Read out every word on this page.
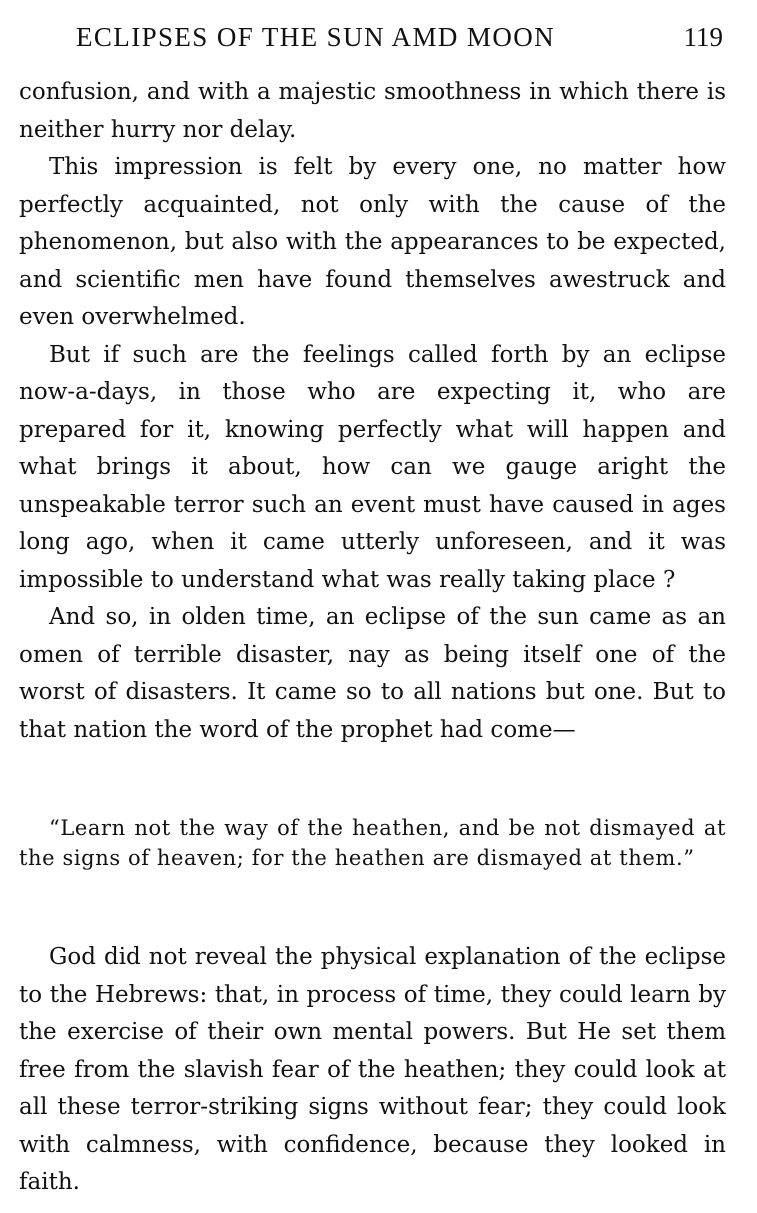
ECLIPSES OF THE SUN AMD MOON	119

confusion, and with a majestic smoothness in which there is neither hurry nor delay.

This impression is felt by every one, no matter how perfectly acquainted, not only with the cause of the phenomenon, but also with the appearances to be expected, and scientific men have found themselves awestruck and even overwhelmed.

But if such are the feelings called forth by an eclipse now-a-days, in those who are expecting it, who are prepared for it, knowing perfectly what will happen and what brings it about, how can we gauge aright the unspeakable terror such an event must have caused in ages long ago, when it came utterly unforeseen, and it was impossible to understand what was really taking place ?

And so, in olden time, an eclipse of the sun came as an omen of terrible disaster, nay as being itself one of the worst of disasters. It came so to all nations but one. But to that nation the word of the prophet had come—

“Learn not the way of the heathen, and be not dismayed at the signs of heaven; for the heathen are dismayed at them.”

God did not reveal the physical explanation of the eclipse to the Hebrews: that, in process of time, they could learn by the exercise of their own mental powers. But He set them free from the slavish fear of the heathen; they could look at all these terror-striking signs without fear; they could look with calmness, with confidence, because they looked in faith.
